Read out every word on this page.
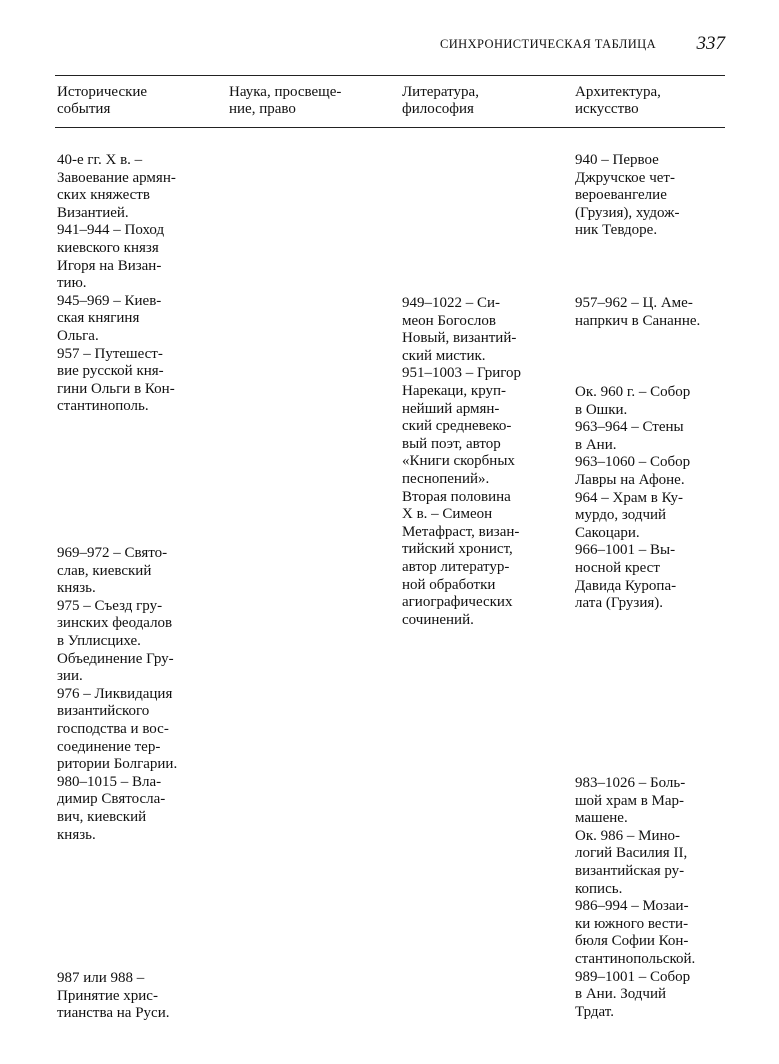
СИНХРОНИСТИЧЕСКАЯ ТАБЛИЦА 337
Исторические
события
Наука, просвеще-
ние, право
Литература,
философия
Архитектура,
искусство
40-е гг. X в. –
Завоевание армян-
ских княжеств
Византией.
941–944 – Поход
киевского князя
Игоря на Визан-
тию.
945–969 – Киев-
ская княгиня
Ольга.
957 – Путешест-
вие русской кня-
гини Ольги в Кон-
стантинополь.
969–972 – Свято-
слав, киевский
князь.
975 – Съезд гру-
зинских феодалов
в Уплисцихе.
Объединение Гру-
зии.
976 – Ликвидация
византийского
господства и вос-
соединение тер-
ритории Болгарии.
980–1015 – Вла-
димир Святосла-
вич, киевский
князь.
987 или 988 –
Принятие хрис-
тианства на Руси.
949–1022 – Си-
меон Богослов
Новый, византий-
ский мистик.
951–1003 – Григор
Нарекаци, круп-
нейший армян-
ский средневеко-
вый поэт, автор
«Книги скорбных
песнопений».
Вторая половина
X в. – Симеон
Метафраст, визан-
тийский хронист,
автор литератур-
ной обработки
агиографических
сочинений.
940 – Первое
Джручское чет-
вероевангелие
(Грузия), худож-
ник Тевдоре.
957–962 – Ц. Аме-
напркич в Сананне.
Ок. 960 г. – Собор
в Ошки.
963–964 – Стены
в Ани.
963–1060 – Собор
Лавры на Афоне.
964 – Храм в Ку-
мурдо, зодчий
Сакоцари.
966–1001 – Вы-
носной крест
Давида Куропа-
лата (Грузия).
983–1026 – Боль-
шой храм в Мар-
машене.
Ок. 986 – Мино-
логий Василия II,
византийская ру-
копись.
986–994 – Мозаи-
ки южного вести-
бюля Софии Кон-
стантинопольской.
989–1001 – Собор
в Ани. Зодчий
Трдат.
